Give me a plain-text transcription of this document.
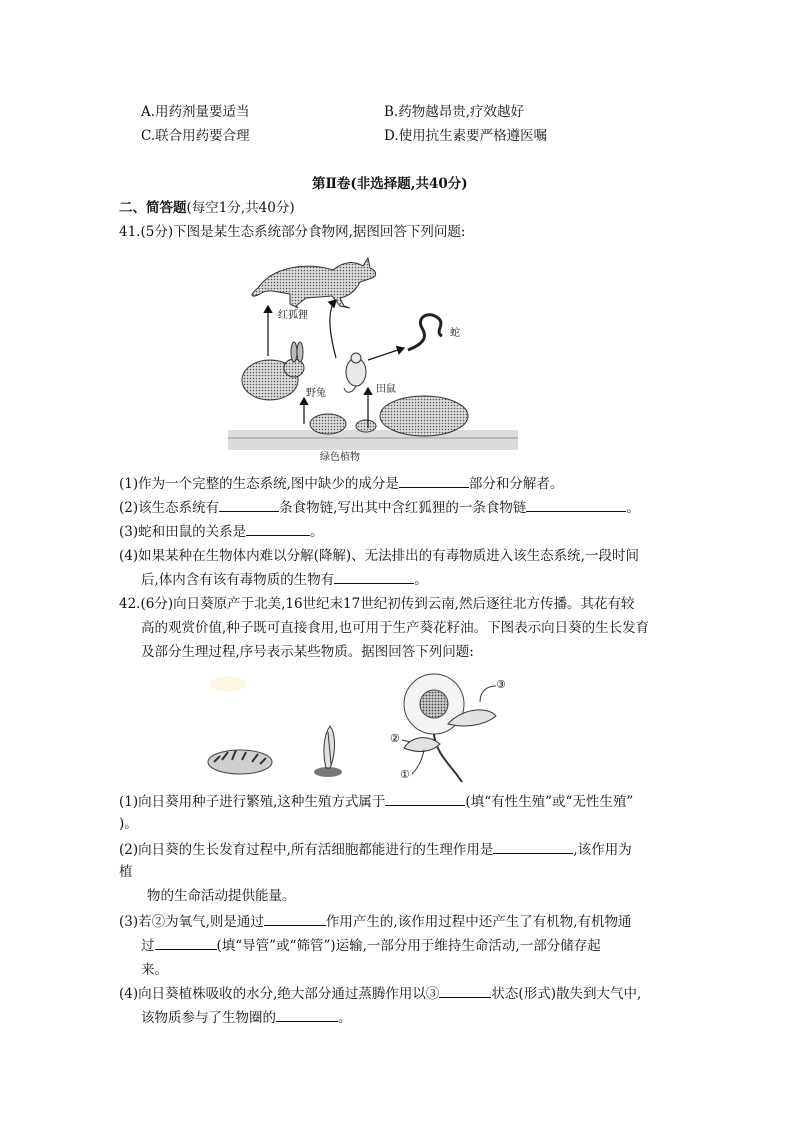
A.用药剂量要适当	B.药物越昂贵,疗效越好
C.联合用药要合理	D.使用抗生素要严格遵医嘱
第Ⅱ卷(非选择题,共40分)
二、简答题(每空1分,共40分)
41.(5分)下图是某生态系统部分食物网,据图回答下列问题:
红狐狸
蛇
野兔	田鼠
绿色植物
(1)作为一个完整的生态系统,图中缺少的成分是	部分和分解者。
(2)该生态系统有	条食物链,写出其中含红狐狸的一条食物链	。
(3)蛇和田鼠的关系是	。
(4)如果某种在生物体内难以分解(降解)、无法排出的有毒物质进入该生态系统,一段时间
后,体内含有该有毒物质的生物有	。
42.(6分)向日葵原产于北美,16世纪末17世纪初传到云南,然后逐往北方传播。其花有较
高的观赏价值,种子既可直接食用,也可用于生产葵花籽油。下图表示向日葵的生长发育
及部分生理过程,序号表示某些物质。据图回答下列问题:
②
①
③
(1)向日葵用种子进行繁殖,这种生殖方式属于	(填“有性生殖”或“无性生殖”
)。
(2)向日葵的生长发育过程中,所有活细胞都能进行的生理作用是	,该作用为
植
物的生命活动提供能量。
(3)若②为氧气,则是通过	作用产生的,该作用过程中还产生了有机物,有机物通
过	(填“导管”或“筛管”)运输,一部分用于维持生命活动,一部分储存起
来。
(4)向日葵植株吸收的水分,绝大部分通过蒸腾作用以③	状态(形式)散失到大气中,
该物质参与了生物圈的	。
